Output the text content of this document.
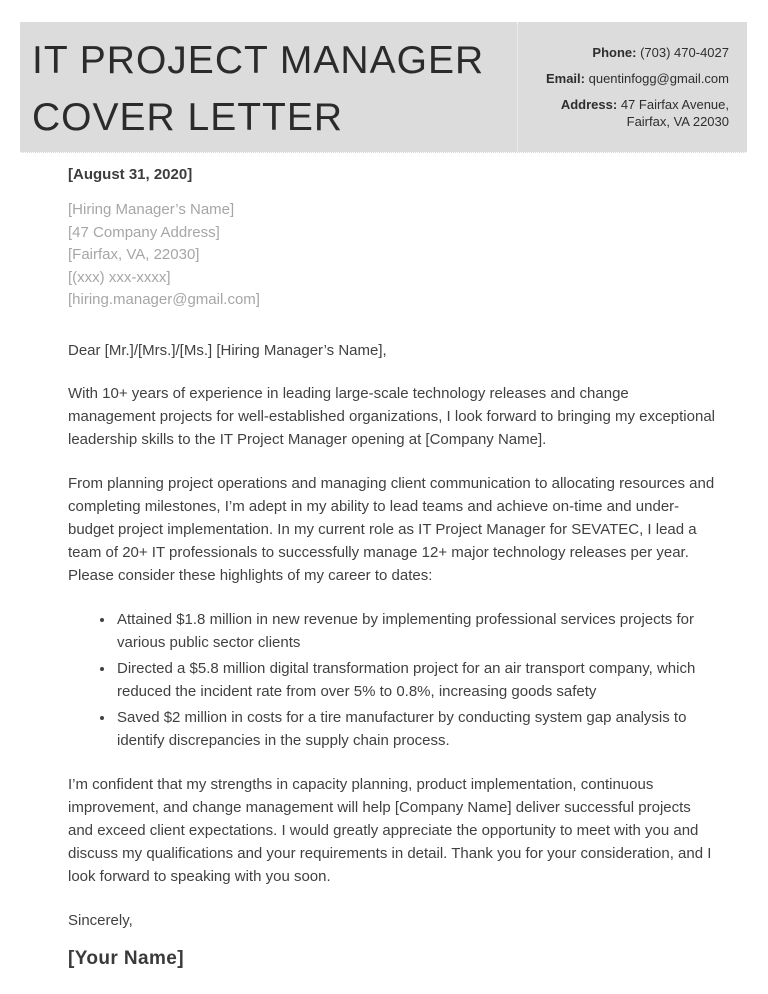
IT PROJECT MANAGER
COVER LETTER
Phone: (703) 470-4027
Email: quentinfogg@gmail.com
Address: 47 Fairfax Avenue,
Fairfax, VA 22030

[August 31, 2020]

[Hiring Manager’s Name]
[47 Company Address]
[Fairfax, VA, 22030]
[(xxx) xxx-xxxx]
[hiring.manager@gmail.com]

Dear [Mr.]/[Mrs.]/[Ms.] [Hiring Manager’s Name],

With 10+ years of experience in leading large-scale technology releases and change management projects for well-established organizations, I look forward to bringing my exceptional leadership skills to the IT Project Manager opening at [Company Name].

From planning project operations and managing client communication to allocating resources and completing milestones, I’m adept in my ability to lead teams and achieve on-time and under-budget project implementation. In my current role as IT Project Manager for SEVATEC, I lead a team of 20+ IT professionals to successfully manage 12+ major technology releases per year. Please consider these highlights of my career to dates:

• Attained $1.8 million in new revenue by implementing professional services projects for various public sector clients
• Directed a $5.8 million digital transformation project for an air transport company, which reduced the incident rate from over 5% to 0.8%, increasing goods safety
• Saved $2 million in costs for a tire manufacturer by conducting system gap analysis to identify discrepancies in the supply chain process.

I’m confident that my strengths in capacity planning, product implementation, continuous improvement, and change management will help [Company Name] deliver successful projects and exceed client expectations. I would greatly appreciate the opportunity to meet with you and discuss my qualifications and your requirements in detail. Thank you for your consideration, and I look forward to speaking with you soon.

Sincerely,

[Your Name]
